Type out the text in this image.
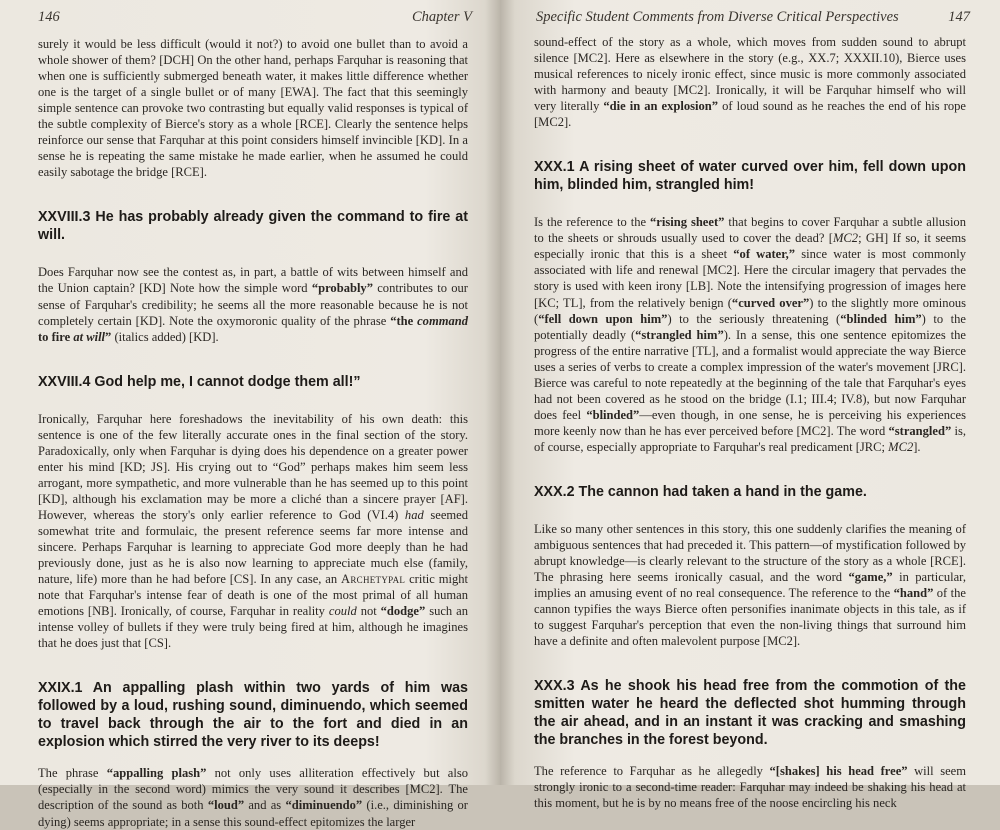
146	Chapter V

surely it would be less difficult (would it not?) to avoid one bullet than to avoid a whole shower of them? [DCH] On the other hand, perhaps Farquhar is reasoning that when one is sufficiently submerged beneath water, it makes little difference whether one is the target of a single bullet or of many [EWA]. The fact that this seemingly simple sentence can provoke two contrasting but equally valid responses is typical of the subtle complexity of Bierce's story as a whole [RCE]. Clearly the sentence helps reinforce our sense that Farquhar at this point considers himself invincible [KD]. In a sense he is repeating the same mistake he made earlier, when he assumed he could easily sabotage the bridge [RCE].

XXVIII.3 He has probably already given the command to fire at will.

Does Farquhar now see the contest as, in part, a battle of wits between himself and the Union captain? [KD] Note how the simple word “probably” contributes to our sense of Farquhar's credibility; he seems all the more reasonable because he is not completely certain [KD]. Note the oxymoronic quality of the phrase “the command to fire at will” (italics added) [KD].

XXVIII.4 God help me, I cannot dodge them all!”

Ironically, Farquhar here foreshadows the inevitability of his own death: this sentence is one of the few literally accurate ones in the final section of the story. Paradoxically, only when Farquhar is dying does his dependence on a greater power enter his mind [KD; JS]. His crying out to “God” perhaps makes him seem less arrogant, more sympathetic, and more vulnerable than he has seemed up to this point [KD], although his exclamation may be more a cliché than a sincere prayer [AF]. However, whereas the story's only earlier reference to God (VI.4) had seemed somewhat trite and formulaic, the present reference seems far more intense and sincere. Perhaps Farquhar is learning to appreciate God more deeply than he had previously done, just as he is also now learning to appreciate much else (family, nature, life) more than he had before [CS]. In any case, an Archetypal critic might note that Farquhar's intense fear of death is one of the most primal of all human emotions [NB]. Ironically, of course, Farquhar in reality could not “dodge” such an intense volley of bullets if they were truly being fired at him, although he imagines that he does just that [CS].

XXIX.1 An appalling plash within two yards of him was followed by a loud, rushing sound, diminuendo, which seemed to travel back through the air to the fort and died in an explosion which stirred the very river to its deeps!

The phrase “appalling plash” not only uses alliteration effectively but also (especially in the second word) mimics the very sound it describes [MC2]. The description of the sound as both “loud” and as “diminuendo” (i.e., diminishing or dying) seems appropriate; in a sense this sound-effect epitomizes the larger

Specific Student Comments from Diverse Critical Perspectives	147

sound-effect of the story as a whole, which moves from sudden sound to abrupt silence [MC2]. Here as elsewhere in the story (e.g., XX.7; XXXII.10), Bierce uses musical references to nicely ironic effect, since music is more commonly associated with harmony and beauty [MC2]. Ironically, it will be Farquhar himself who will very literally “die in an explosion” of loud sound as he reaches the end of his rope [MC2].

XXX.1 A rising sheet of water curved over him, fell down upon him, blinded him, strangled him!

Is the reference to the “rising sheet” that begins to cover Farquhar a subtle allusion to the sheets or shrouds usually used to cover the dead? [MC2; GH] If so, it seems especially ironic that this is a sheet “of water,” since water is most commonly associated with life and renewal [MC2]. Here the circular imagery that pervades the story is used with keen irony [LB]. Note the intensifying progression of images here [KC; TL], from the relatively benign (“curved over”) to the slightly more ominous (“fell down upon him”) to the seriously threatening (“blinded him”) to the potentially deadly (“strangled him”). In a sense, this one sentence epitomizes the progress of the entire narrative [TL], and a formalist would appreciate the way Bierce uses a series of verbs to create a complex impression of the water's movement [JRC]. Bierce was careful to note repeatedly at the beginning of the tale that Farquhar's eyes had not been covered as he stood on the bridge (I.1; III.4; IV.8), but now Farquhar does feel “blinded”—even though, in one sense, he is perceiving his experiences more keenly now than he has ever perceived before [MC2]. The word “strangled” is, of course, especially appropriate to Farquhar's real predicament [JRC; MC2].

XXX.2 The cannon had taken a hand in the game.

Like so many other sentences in this story, this one suddenly clarifies the meaning of ambiguous sentences that had preceded it. This pattern—of mystification followed by abrupt knowledge—is clearly relevant to the structure of the story as a whole [RCE]. The phrasing here seems ironically casual, and the word “game,” in particular, implies an amusing event of no real consequence. The reference to the “hand” of the cannon typifies the ways Bierce often personifies inanimate objects in this tale, as if to suggest Farquhar's perception that even the non-living things that surround him have a definite and often malevolent purpose [MC2].

XXX.3 As he shook his head free from the commotion of the smitten water he heard the deflected shot humming through the air ahead, and in an instant it was cracking and smashing the branches in the forest beyond.

The reference to Farquhar as he allegedly “[shakes] his head free” will seem strongly ironic to a second-time reader: Farquhar may indeed be shaking his head at this moment, but he is by no means free of the noose encircling his neck
